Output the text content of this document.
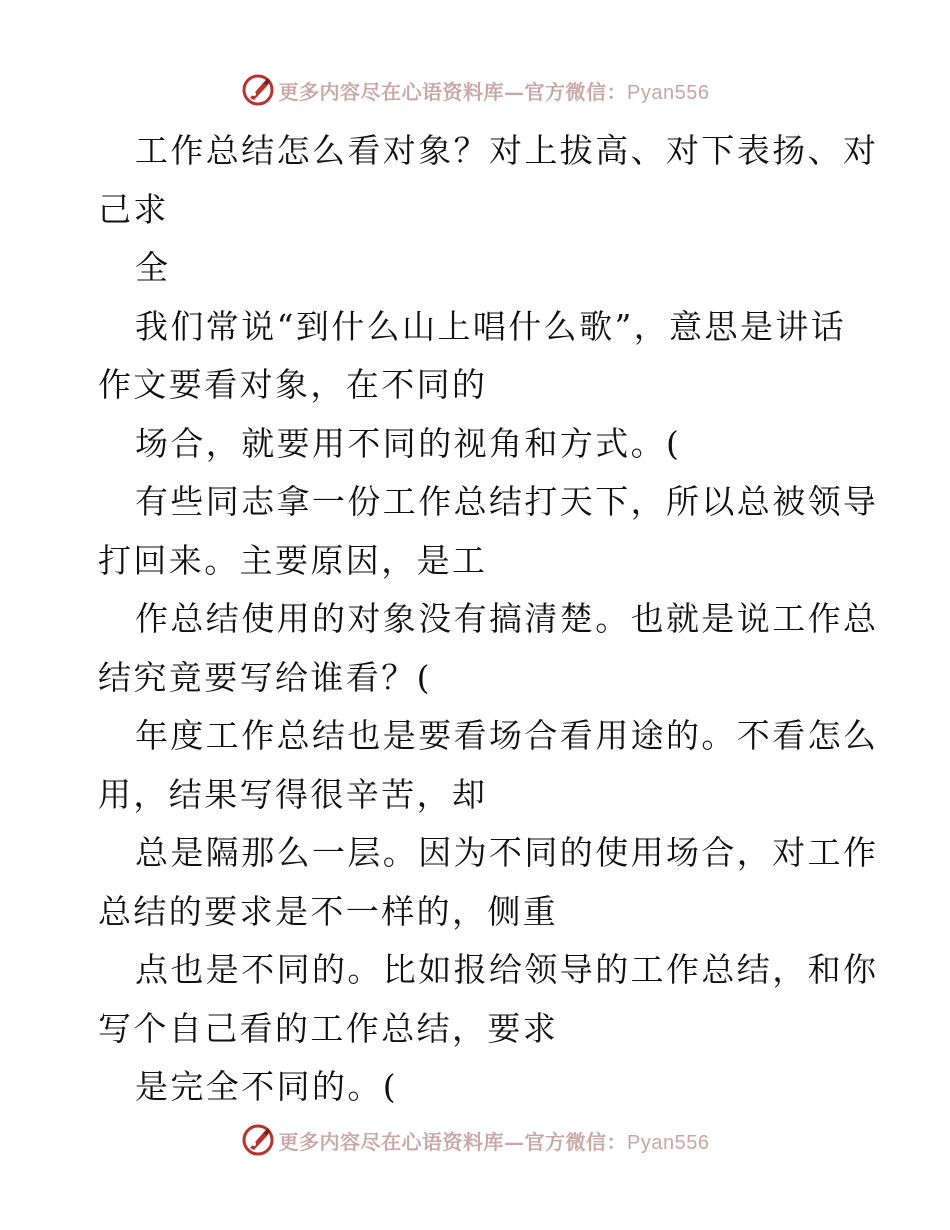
更多内容尽在心语资料库—官方微信：Pyan556
工作总结怎么看对象？对上拔高、对下表扬、对
己求
全
我们常说“到什么山上唱什么歌”，意思是讲话
作文要看对象，在不同的
场合，就要用不同的视角和方式。(
有些同志拿一份工作总结打天下，所以总被领导
打回来。主要原因，是工
作总结使用的对象没有搞清楚。也就是说工作总
结究竟要写给谁看？(
年度工作总结也是要看场合看用途的。不看怎么
用，结果写得很辛苦，却
总是隔那么一层。因为不同的使用场合，对工作
总结的要求是不一样的，侧重
点也是不同的。比如报给领导的工作总结，和你
写个自己看的工作总结，要求
是完全不同的。(
更多内容尽在心语资料库—官方微信：Pyan556
